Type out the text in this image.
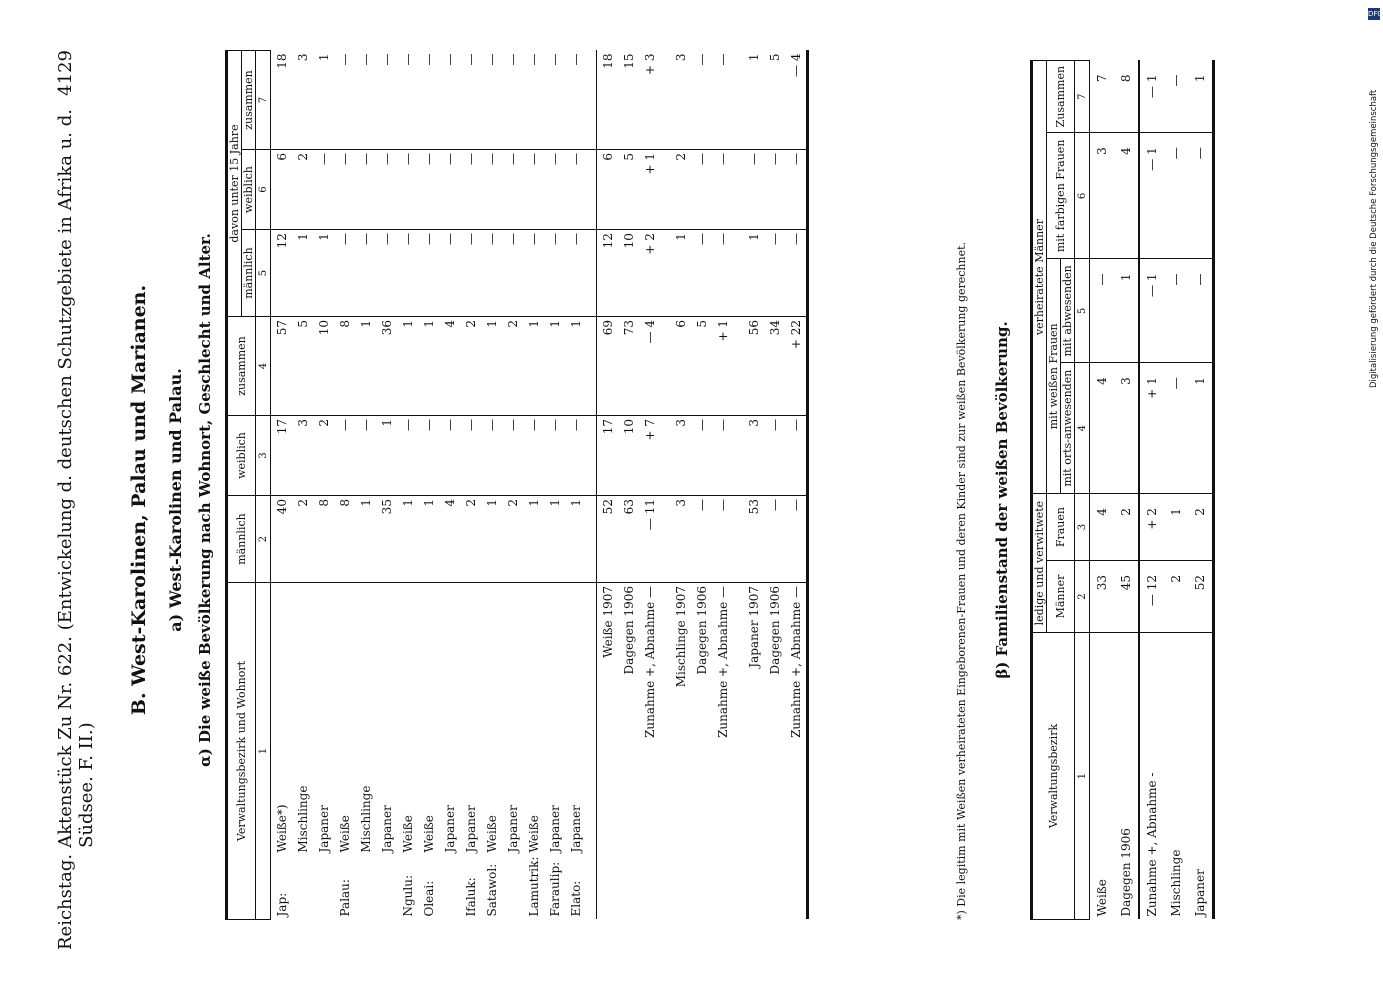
DFG
Digitalisierung gefördert durch die Deutsche Forschungsgemeinschaft
Reichstag.
Aktenstück Zu Nr. 622. (Entwickelung d. deutschen Schutzgebiete in Afrika u. d. Südsee. F. II.)
4129
B. West-Karolinen, Palau und Marianen. a) West-Karolinen und Palau. α) Die weiße Bevölkerung nach Wohnort, Geschlecht und Alter. Verwaltungsbezirk und Wohnort	männlich	weiblich	zusammen	davon unter 15 Jahre		
				männlich	weiblich	zusammen
1	2	3	4	5	6	7
Jap:Weiße*)	40	17	57	12	6	18
Mischlinge	2	3	5	1	2	3
Japaner	8	2	10	1	—	1
Palau:Weiße	8	—	8	—	—	—
Mischlinge	1	—	1	—	—	—
Japaner	35	1	36	—	—	—
Ngulu:Weiße	1	—	1	—	—	—
Oleai:Weiße	1	—	1	—	—	—
Japaner	4	—	4	—	—	—
Ifaluk:Japaner	2	—	2	—	—	—
Satawol:Weiße	1	—	1	—	—	—
Japaner	2	—	2	—	—	—
Lamutrik:Weiße	1	—	1	—	—	—
Faraulip:Japaner	1	—	1	—	—	—
Elato:Japaner	1	—	1	—	—	—

Weiße 1907	52	17	69	12	6	18
Dagegen 1906	63	10	73	10	5	15
Zunahme +, Abnahme —	— 11	+ 7	— 4	+ 2	+ 1	+ 3

Mischlinge 1907	3	3	6	1	2	3
Dagegen 1906	—	—	5	—	—	—
Zunahme +, Abnahme —	—	—	+ 1	—	—	—

Japaner 1907	53	3	56	1	—	1
Dagegen 1906	—	—	34	—	—	5
Zunahme +, Abnahme —	—	—	+ 22	—	—	— 4
*) Die legitim mit Weißen verheirateten Eingeborenen-Frauen und deren Kinder sind zur weißen Bevölkerung gerechnet. β) Familienstand der weißen Bevölkerung.
Verwaltungsbezirk	ledige und verwitwete		verheiratete Männer			
	Männer	Frauen	mit weißen Frauen		mit farbigen Frauen	Zusammen
			mit orts-anwesenden	mit abwesenden		
1	2	3	4	5	6	7
Weiße	33	4	4	—	3	7
Dagegen 1906	45	2	3	1	4	8
Zunahme +, Abnahme -	— 12	+ 2	+ 1	— 1	— 1	— 1
Mischlinge	2	1	—	—	—	—
Japaner	52	2	1	—	—	1
